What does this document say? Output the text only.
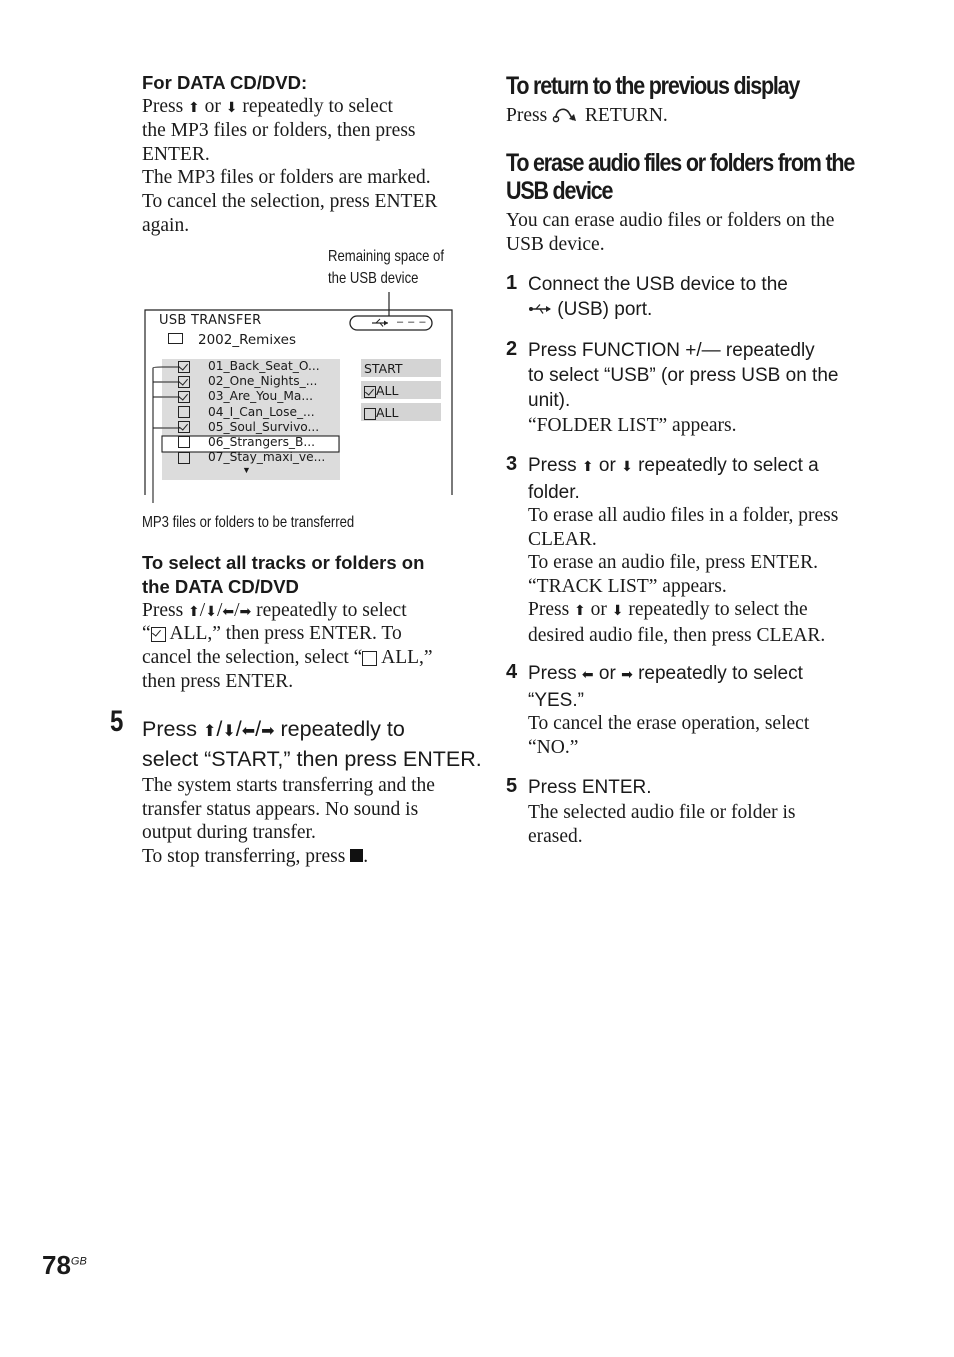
For DATA CD/DVD:
Press ⬆ or ⬇ repeatedly to select
the MP3 files or folders, then press
ENTER.
The MP3 files or folders are marked.
To cancel the selection, press ENTER
again.
Remaining space of
the USB device
USB TRANSFER
2002_Remixes
01_Back_Seat_O...
02_One_Nights_...
03_Are_You_Ma...
04_I_Can_Lose_...
05_Soul_Survivo...
06_Strangers_B...
07_Stay_maxi_ve...
START
ALL
ALL
▼
– – –
MP3 files or folders to be transferred
To select all tracks or folders on
the DATA CD/DVD
Press ⬆/⬇/⬅/➡ repeatedly to select
“ ALL,” then press ENTER. To
cancel the selection, select “ ALL,”
then press ENTER.
5 Press ⬆/⬇/⬅/➡ repeatedly to
select “START,” then press ENTER.
The system starts transferring and the
transfer status appears. No sound is
output during transfer.
To stop transferring, press .
To return to the previous display
Press RETURN.
To erase audio files or folders from the
USB device
You can erase audio files or folders on the
USB device.
1 Connect the USB device to the
(USB) port.
2 Press FUNCTION +/— repeatedly
to select “USB” (or press USB on the
unit).
“FOLDER LIST” appears.
3 Press ⬆ or ⬇ repeatedly to select a
folder.
To erase all audio files in a folder, press
CLEAR.
To erase an audio file, press ENTER.
“TRACK LIST” appears.
Press ⬆ or ⬇ repeatedly to select the
desired audio file, then press CLEAR.
4 Press ⬅ or ➡ repeatedly to select
“YES.”
To cancel the erase operation, select
“NO.”
5 Press ENTER.
The selected audio file or folder is
erased.
$78^{GB}$
